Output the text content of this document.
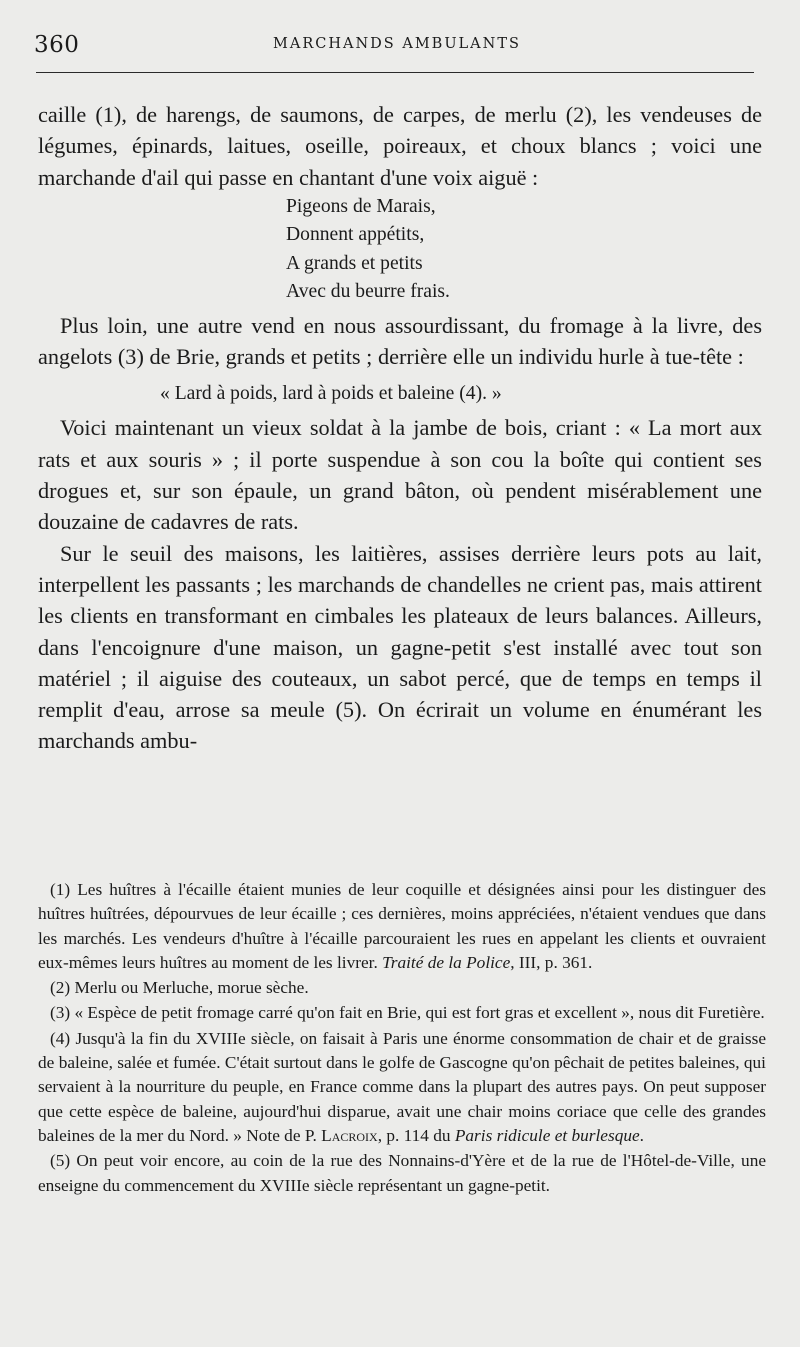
360	MARCHANDS AMBULANTS

caille (1), de harengs, de saumons, de carpes, de merlu (2), les vendeuses de légumes, épinards, laitues, oseille, poireaux, et choux blancs ; voici une marchande d'ail qui passe en chantant d'une voix aiguë :

Pigeons de Marais,
Donnent appétits,
A grands et petits
Avec du beurre frais.

Plus loin, une autre vend en nous assourdissant, du fromage à la livre, des angelots (3) de Brie, grands et petits ; derrière elle un individu hurle à tue-tête :

« Lard à poids, lard à poids et baleine (4). »

Voici maintenant un vieux soldat à la jambe de bois, criant : « La mort aux rats et aux souris » ; il porte suspendue à son cou la boîte qui contient ses drogues et, sur son épaule, un grand bâton, où pendent misérablement une douzaine de cadavres de rats.

Sur le seuil des maisons, les laitières, assises derrière leurs pots au lait, interpellent les passants ; les marchands de chandelles ne crient pas, mais attirent les clients en transformant en cimbales les plateaux de leurs balances. Ailleurs, dans l'encoignure d'une maison, un gagne-petit s'est installé avec tout son matériel ; il aiguise des couteaux, un sabot percé, que de temps en temps il remplit d'eau, arrose sa meule (5). On écrirait un volume en énumérant les marchands ambu-

(1) Les huîtres à l'écaille étaient munies de leur coquille et désignées ainsi pour les distinguer des huîtres huîtrées, dépourvues de leur écaille ; ces dernières, moins appréciées, n'étaient vendues que dans les marchés. Les vendeurs d'huître à l'écaille parcouraient les rues en appelant les clients et ouvraient eux-mêmes leurs huîtres au moment de les livrer. Traité de la Police, III, p. 361.

(2) Merlu ou Merluche, morue sèche.

(3) « Espèce de petit fromage carré qu'on fait en Brie, qui est fort gras et excellent », nous dit Furetière.

(4) Jusqu'à la fin du XVIIIe siècle, on faisait à Paris une énorme consommation de chair et de graisse de baleine, salée et fumée. C'était surtout dans le golfe de Gascogne qu'on pêchait de petites baleines, qui servaient à la nourriture du peuple, en France comme dans la plupart des autres pays. On peut supposer que cette espèce de baleine, aujourd'hui disparue, avait une chair moins coriace que celle des grandes baleines de la mer du Nord. » Note de P. Lacroix, p. 114 du Paris ridicule et burlesque.

(5) On peut voir encore, au coin de la rue des Nonnains-d'Yère et de la rue de l'Hôtel-de-Ville, une enseigne du commencement du XVIIIe siècle représentant un gagne-petit.
